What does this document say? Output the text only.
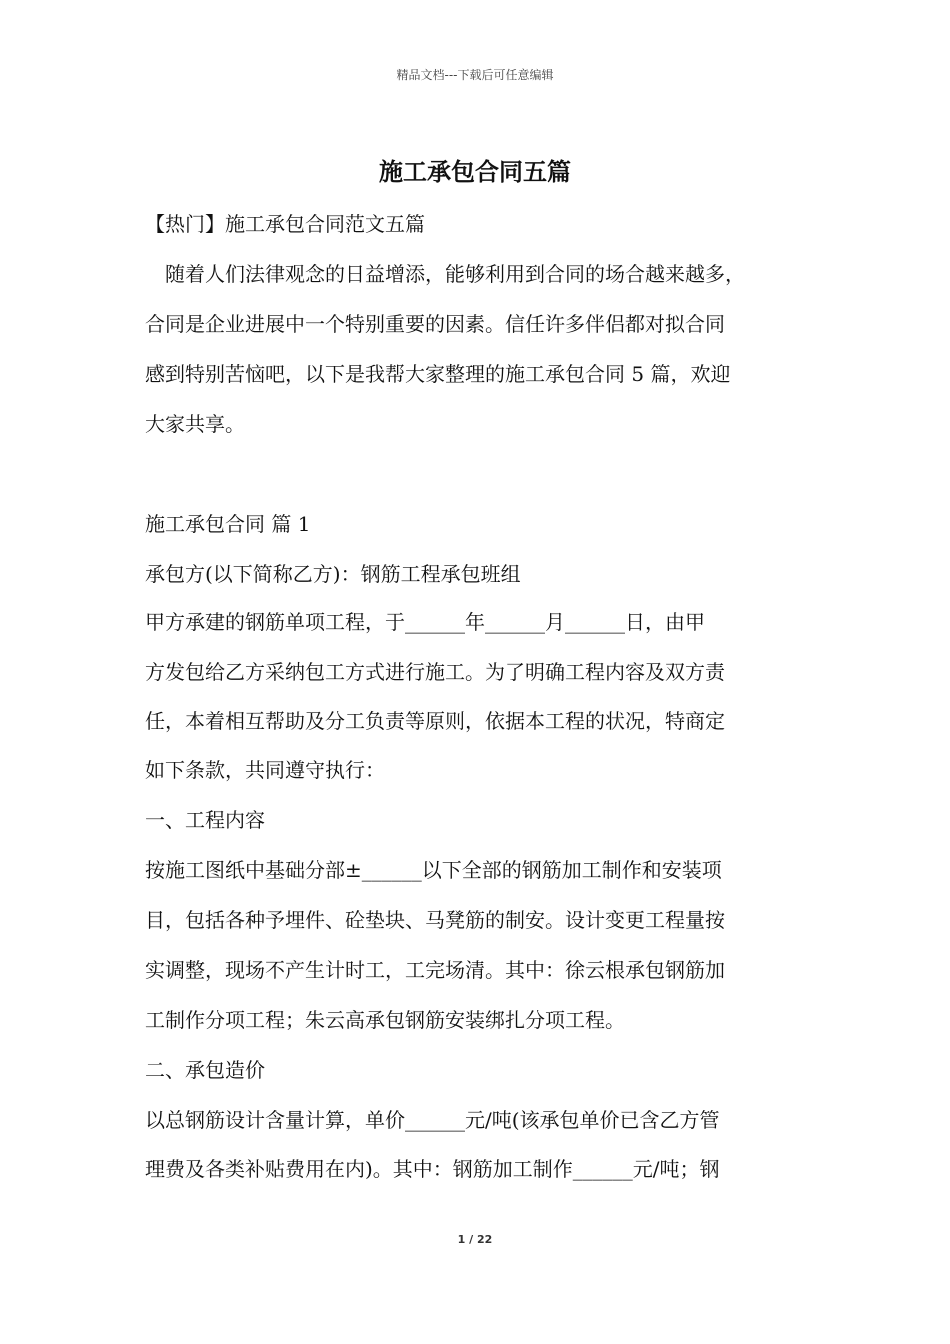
精品文档---下载后可任意编辑
施工承包合同五篇
【热门】施工承包合同范文五篇
　随着人们法律观念的日益增添，能够利用到合同的场合越来越多，
合同是企业进展中一个特别重要的因素。信任许多伴侣都对拟合同
感到特别苦恼吧，以下是我帮大家整理的施工承包合同 5 篇，欢迎
大家共享。
施工承包合同 篇 1
承包方(以下简称乙方)：钢筋工程承包班组
甲方承建的钢筋单项工程，于______年______月______日，由甲
方发包给乙方采纳包工方式进行施工。为了明确工程内容及双方责
任，本着相互帮助及分工负责等原则，依据本工程的状况，特商定
如下条款，共同遵守执行：
一、工程内容
按施工图纸中基础分部±______以下全部的钢筋加工制作和安装项
目，包括各种予埋件、砼垫块、马凳筋的制安。设计变更工程量按
实调整，现场不产生计时工，工完场清。其中：徐云根承包钢筋加
工制作分项工程；朱云高承包钢筋安装绑扎分项工程。
二、承包造价
以总钢筋设计含量计算，单价______元/吨(该承包单价已含乙方管
理费及各类补贴费用在内)。其中：钢筋加工制作______元/吨；钢
1 / 22
